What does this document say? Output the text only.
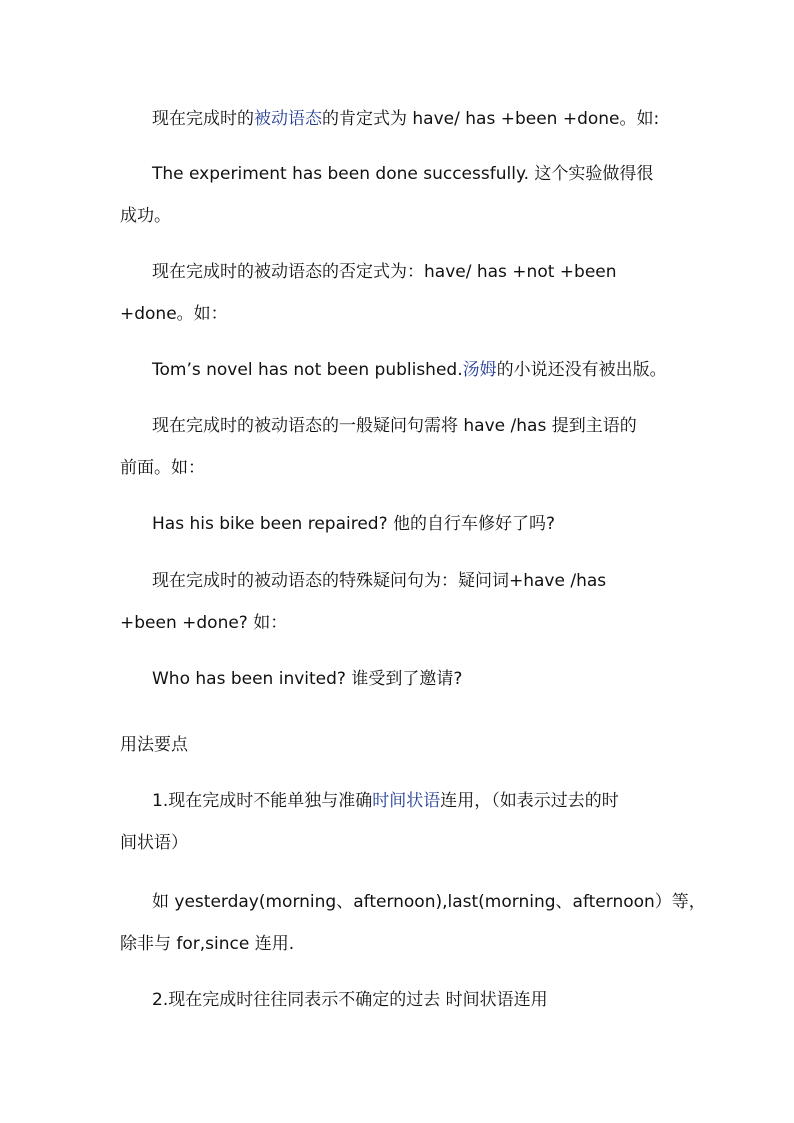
现在完成时的被动语态的肯定式为 have/ has +been +done。如:
The experiment has been done successfully. 这个实验做得很
成功。
现在完成时的被动语态的否定式为：have/ has +not +been
+done。如：
Tom’s novel has not been published.汤姆的小说还没有被出版。
现在完成时的被动语态的一般疑问句需将 have /has 提到主语的
前面。如：
Has his bike been repaired? 他的自行车修好了吗?
现在完成时的被动语态的特殊疑问句为：疑问词+have /has
+been +done? 如：
Who has been invited? 谁受到了邀请?
用法要点
1.现在完成时不能单独与准确时间状语连用，（如表示过去的时
间状语）
如 yesterday(morning、afternoon),last(morning、afternoon）等，
除非与 for,since 连用.
2.现在完成时往往同表示不确定的过去 时间状语连用
